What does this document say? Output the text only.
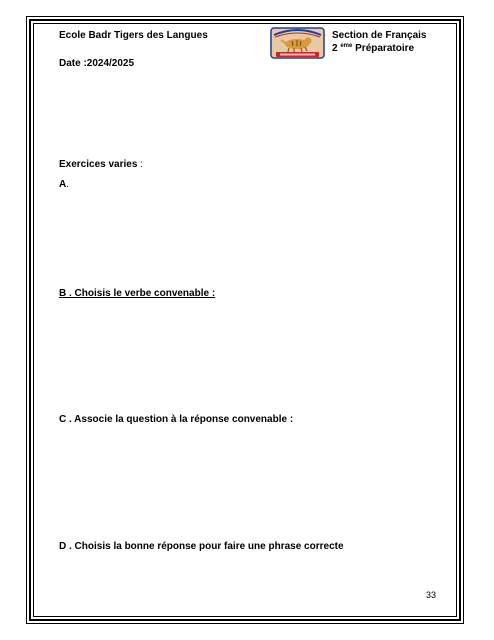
Ecole Badr Tigers des Langues
Date :2024/2025
Section de Français
2 $^{eme}$ Préparatoire
Exercices varies :
A.
B . Choisis le verbe convenable :
C . Associe la question à la réponse convenable :
D . Choisis la bonne réponse pour faire une phrase correcte
33
